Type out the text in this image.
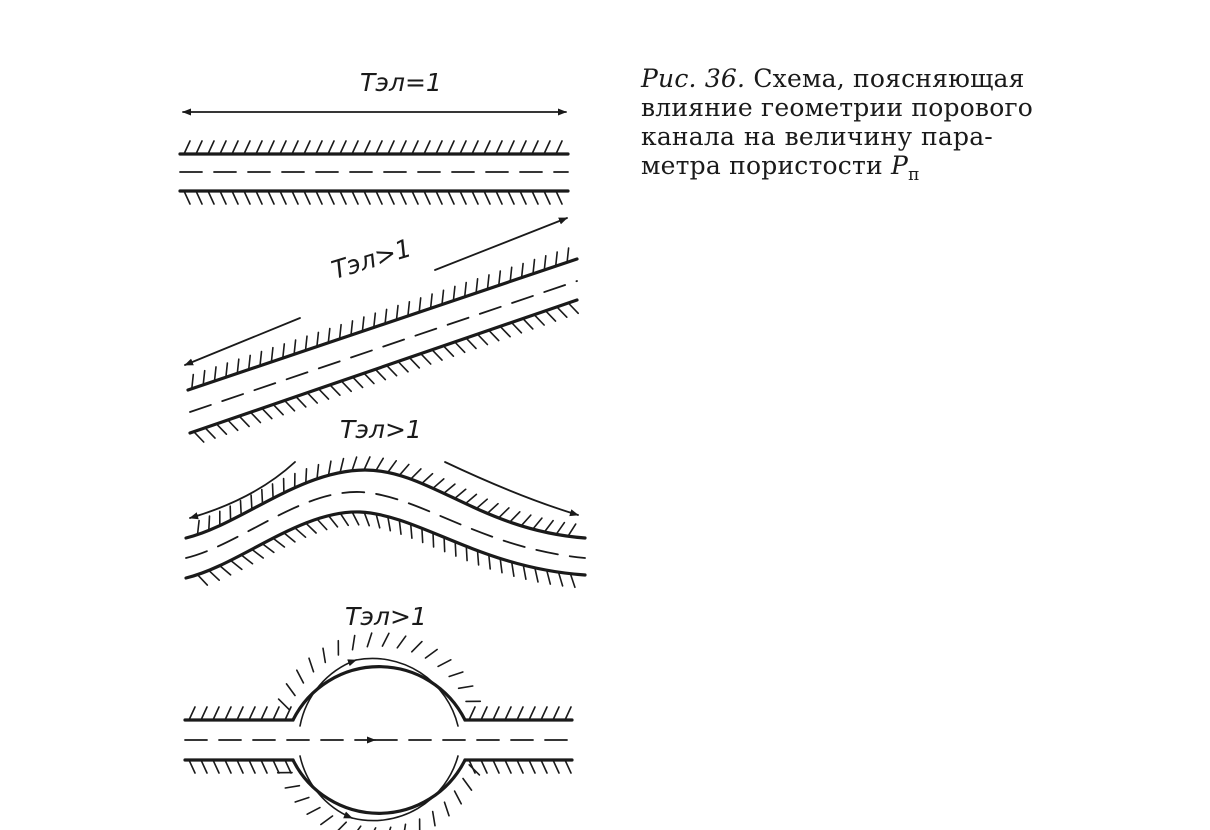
Tэл=1
Tэл>1
Tэл>1
Tэл>1
Рис. 36. Схема, поясняющая
влияние геометрии порового
канала на величину пара-
метра пористости $P_п$
